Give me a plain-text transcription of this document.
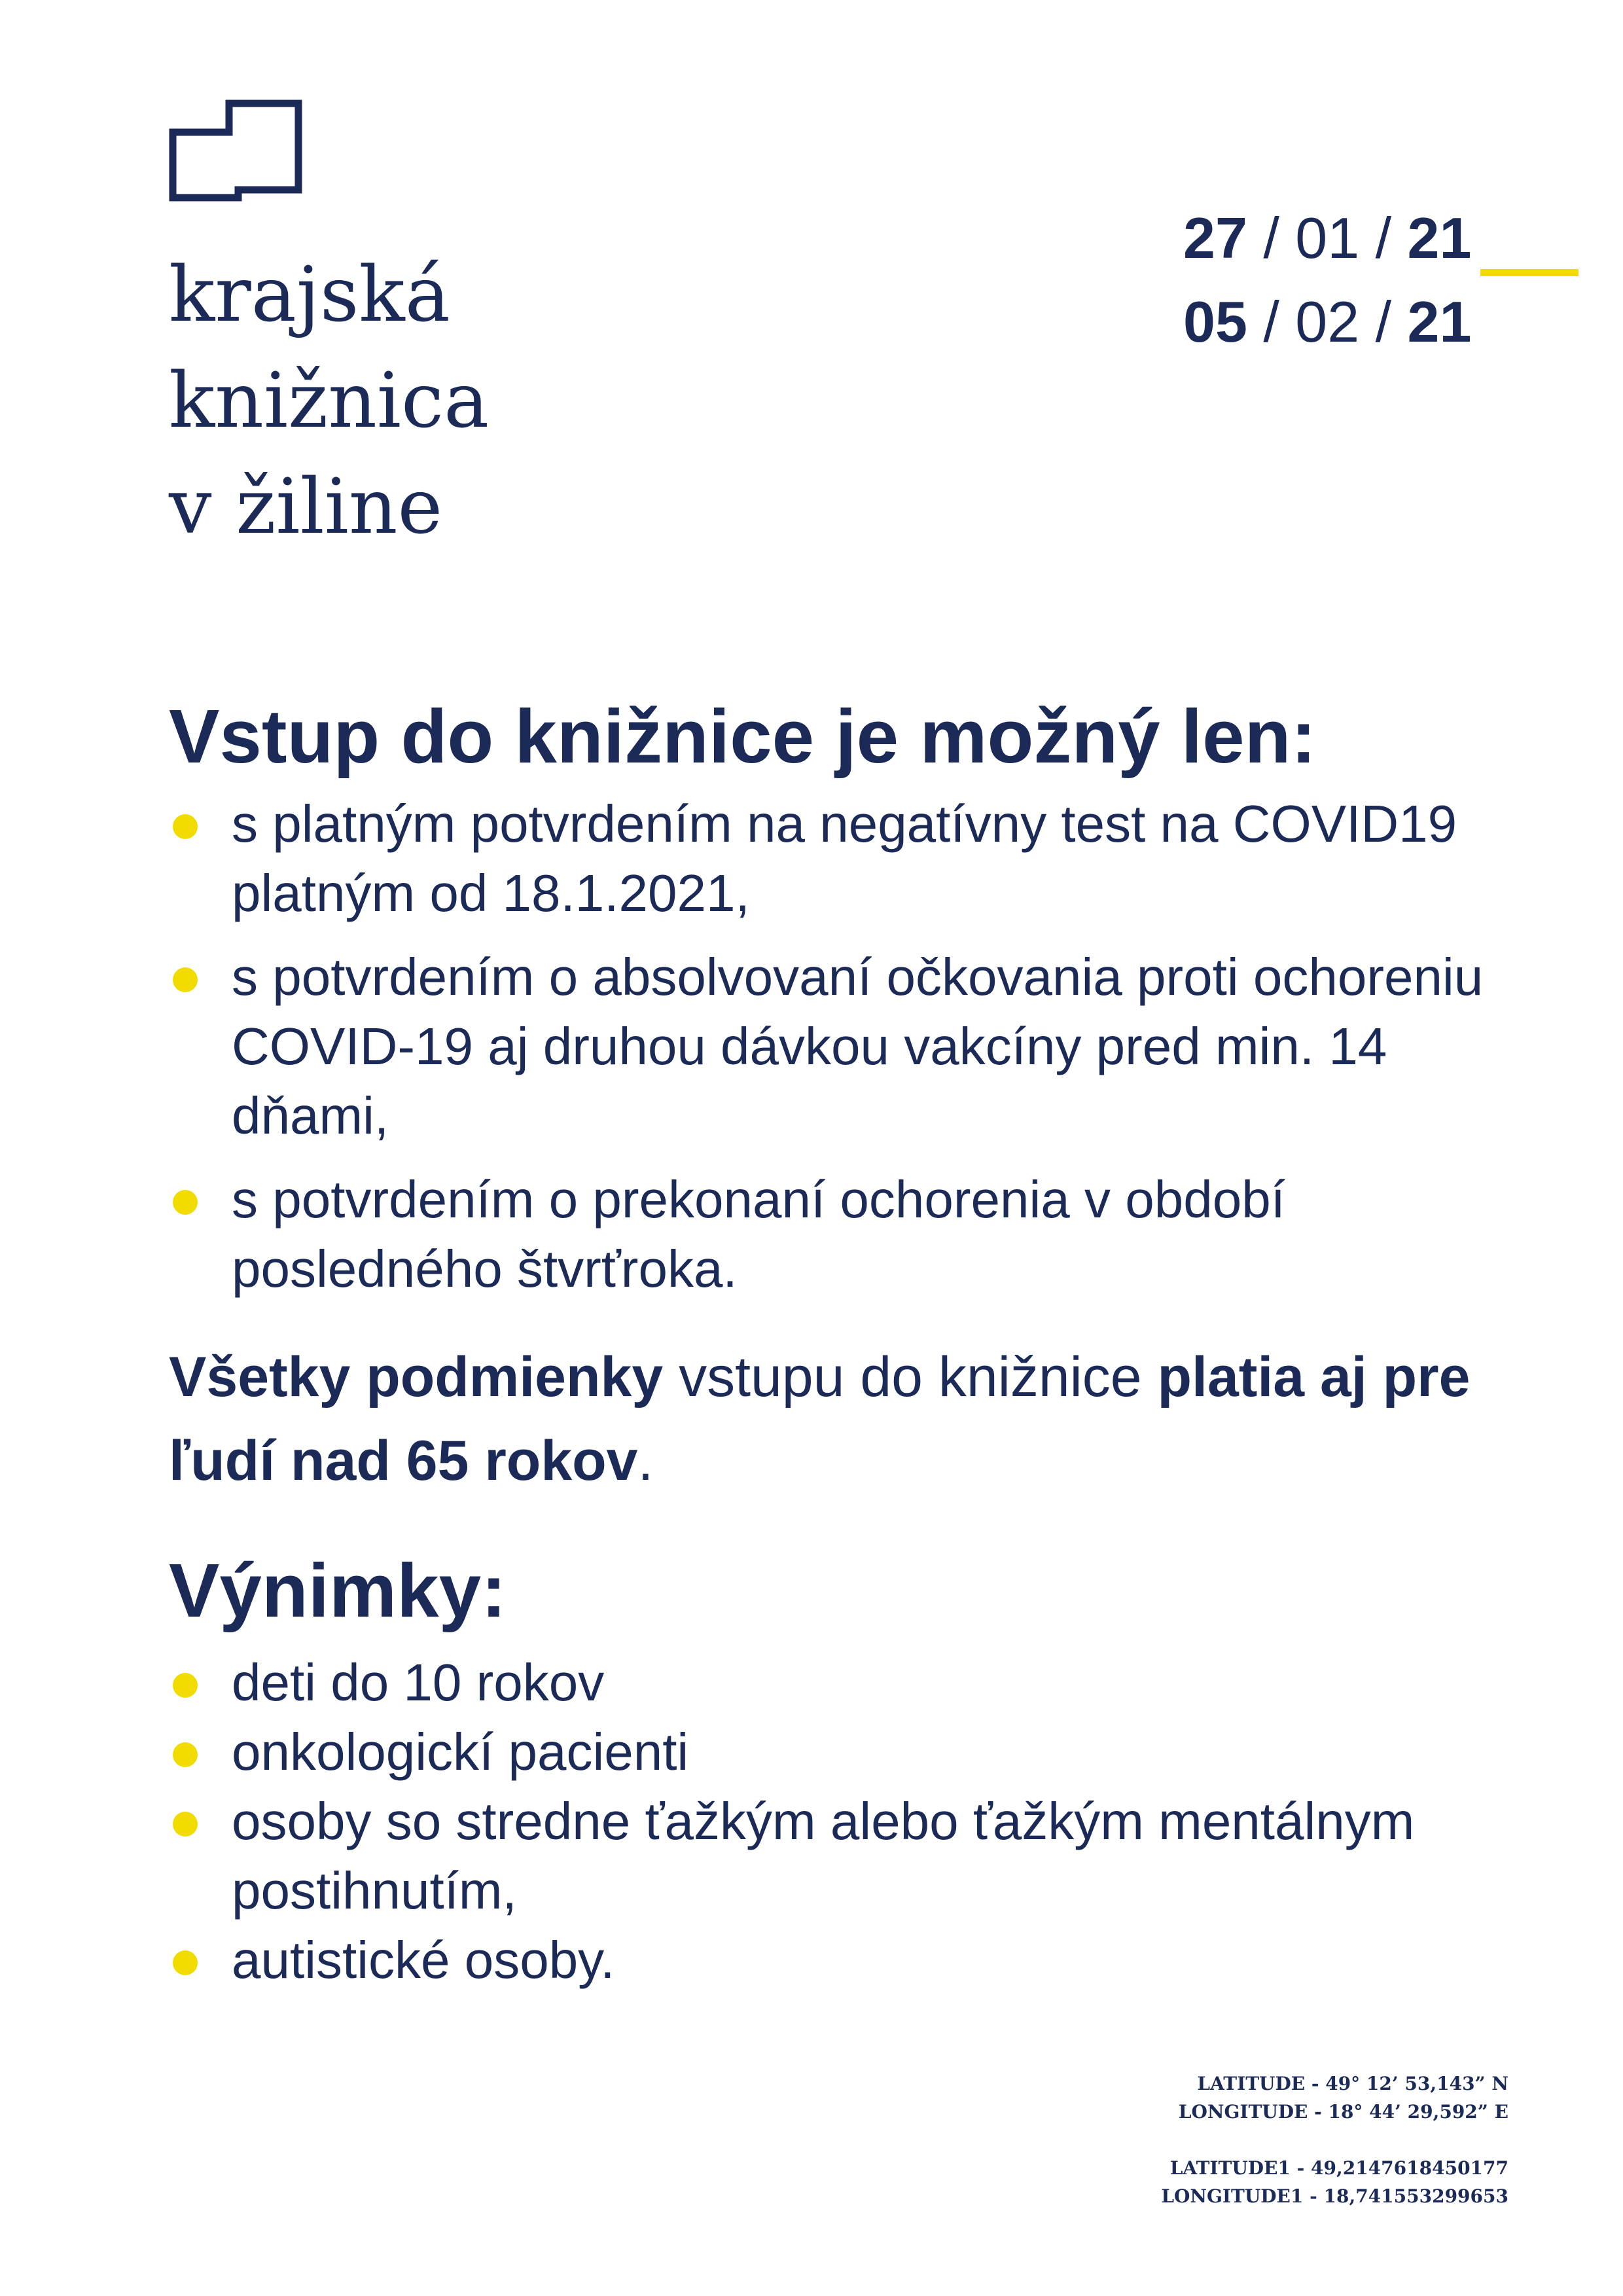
krajská
knižnica
v žiline
27 / 01 / 21
05 / 02 / 21
Vstup do knižnice je možný len:
s platným potvrdením na negatívny test na COVID19 platným od 18.1.2021,
s potvrdením o absolvovaní očkovania proti ochoreniu COVID-19 aj druhou dávkou vakcíny pred min. 14 dňami,
s potvrdením o prekonaní ochorenia v období posledného štvrťroka.
Všetky podmienky vstupu do knižnice platia aj pre ľudí nad 65 rokov.
Výnimky:
deti do 10 rokov
onkologickí pacienti
osoby so stredne ťažkým alebo ťažkým mentálnym postihnutím,
autistické osoby.
LATITUDE - 49° 12’ 53,143” N
LONGITUDE - 18° 44’ 29,592” E
LATITUDE1 - 49,2147618450177
LONGITUDE1 - 18,741553299653
